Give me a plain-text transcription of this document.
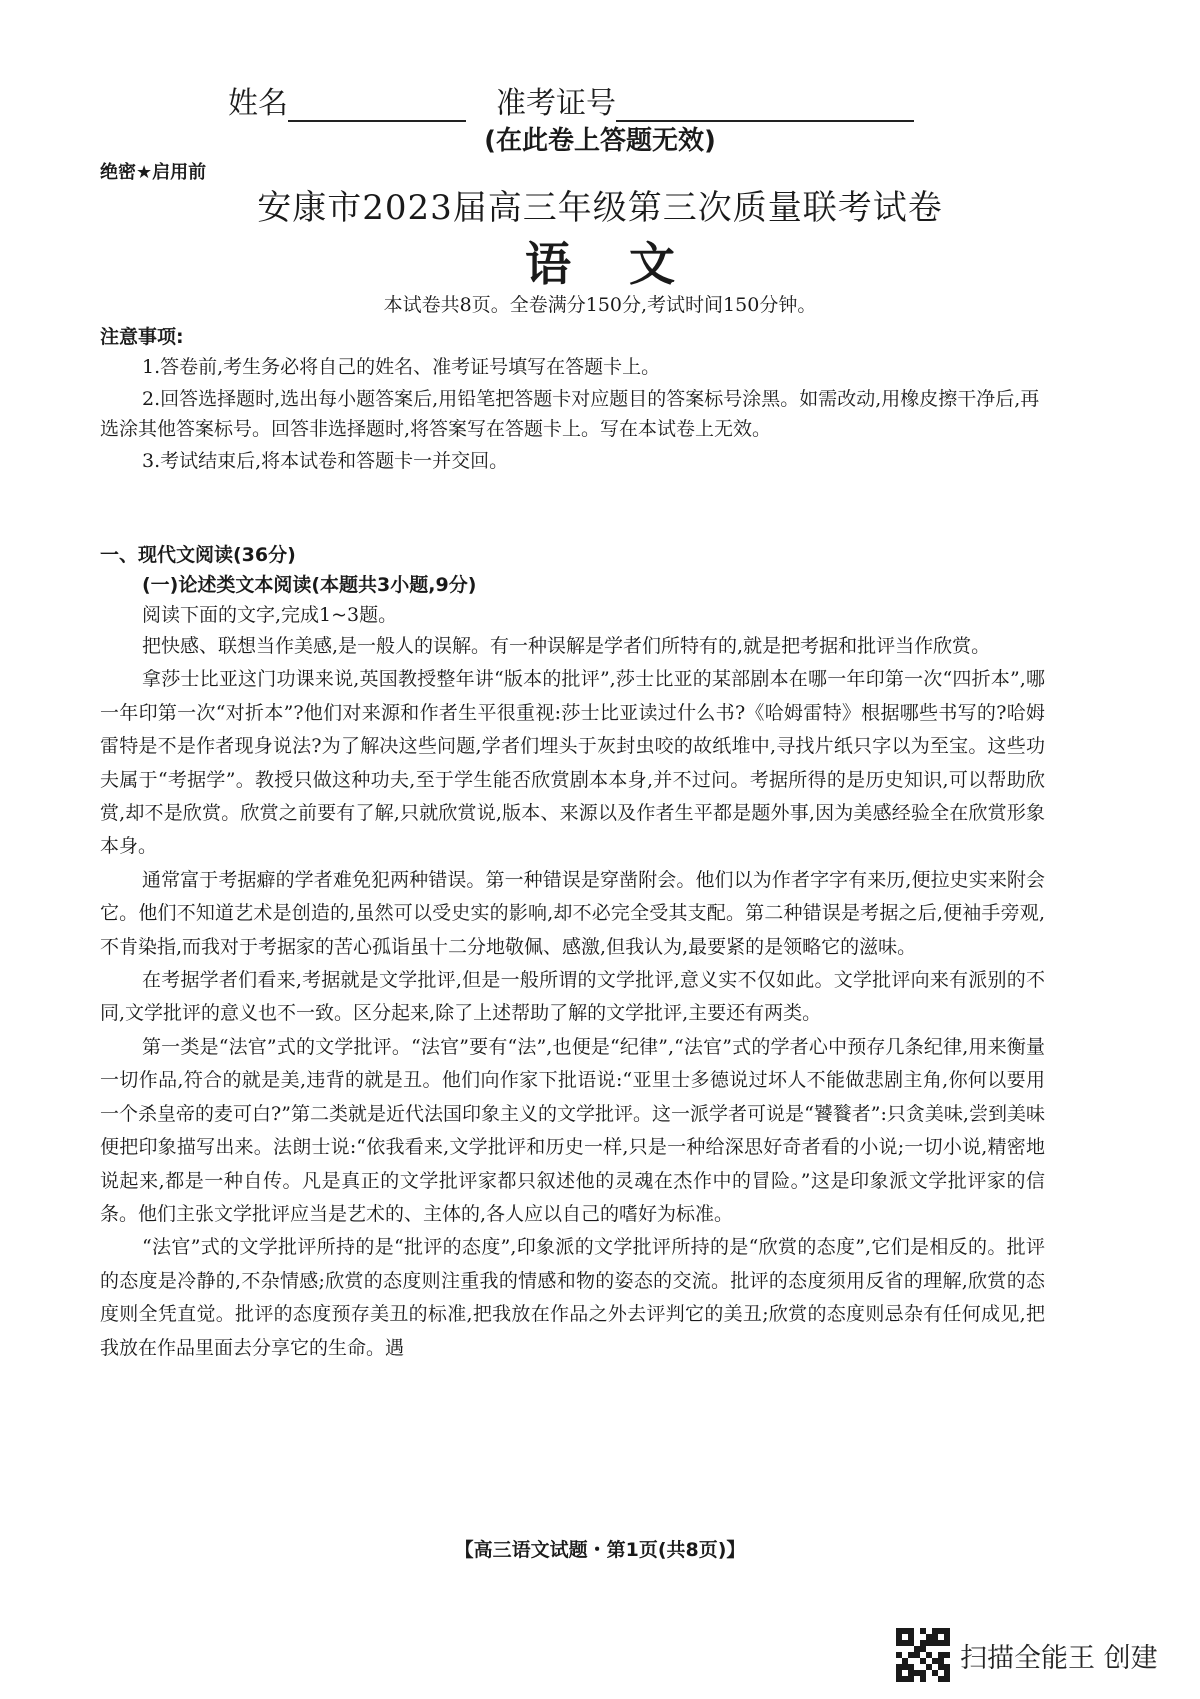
姓名	准考证号
(在此卷上答题无效)
绝密★启用前
安康市2023届高三年级第三次质量联考试卷
语文
本试卷共8页。全卷满分150分,考试时间150分钟。
注意事项:
1.答卷前,考生务必将自己的姓名、准考证号填写在答题卡上。
2.回答选择题时,选出每小题答案后,用铅笔把答题卡对应题目的答案标号涂黑。如需改动,用橡皮擦干净后,再选涂其他答案标号。回答非选择题时,将答案写在答题卡上。写在本试卷上无效。
3.考试结束后,将本试卷和答题卡一并交回。
一、现代文阅读(36分)
(一)论述类文本阅读(本题共3小题,9分)
阅读下面的文字,完成1~3题。

把快感、联想当作美感,是一般人的误解。有一种误解是学者们所特有的,就是把考据和批评当作欣赏。

拿莎士比亚这门功课来说,英国教授整年讲“版本的批评”,莎士比亚的某部剧本在哪一年印第一次“四折本”,哪一年印第一次“对折本”?他们对来源和作者生平很重视:莎士比亚读过什么书?《哈姆雷特》根据哪些书写的?哈姆雷特是不是作者现身说法?为了解决这些问题,学者们埋头于灰封虫咬的故纸堆中,寻找片纸只字以为至宝。这些功夫属于“考据学”。教授只做这种功夫,至于学生能否欣赏剧本本身,并不过问。考据所得的是历史知识,可以帮助欣赏,却不是欣赏。欣赏之前要有了解,只就欣赏说,版本、来源以及作者生平都是题外事,因为美感经验全在欣赏形象本身。

通常富于考据癖的学者难免犯两种错误。第一种错误是穿凿附会。他们以为作者字字有来历,便拉史实来附会它。他们不知道艺术是创造的,虽然可以受史实的影响,却不必完全受其支配。第二种错误是考据之后,便袖手旁观,不肯染指,而我对于考据家的苦心孤诣虽十二分地敬佩、感激,但我认为,最要紧的是领略它的滋味。

在考据学者们看来,考据就是文学批评,但是一般所谓的文学批评,意义实不仅如此。文学批评向来有派别的不同,文学批评的意义也不一致。区分起来,除了上述帮助了解的文学批评,主要还有两类。

第一类是“法官”式的文学批评。“法官”要有“法”,也便是“纪律”,“法官”式的学者心中预存几条纪律,用来衡量一切作品,符合的就是美,违背的就是丑。他们向作家下批语说:“亚里士多德说过坏人不能做悲剧主角,你何以要用一个杀皇帝的麦可白?”第二类就是近代法国印象主义的文学批评。这一派学者可说是“饕餮者”:只贪美味,尝到美味便把印象描写出来。法朗士说:“依我看来,文学批评和历史一样,只是一种给深思好奇者看的小说;一切小说,精密地说起来,都是一种自传。凡是真正的文学批评家都只叙述他的灵魂在杰作中的冒险。”这是印象派文学批评家的信条。他们主张文学批评应当是艺术的、主体的,各人应以自己的嗜好为标准。

“法官”式的文学批评所持的是“批评的态度”,印象派的文学批评所持的是“欣赏的态度”,它们是相反的。批评的态度是冷静的,不杂情感;欣赏的态度则注重我的情感和物的姿态的交流。批评的态度须用反省的理解,欣赏的态度则全凭直觉。批评的态度预存美丑的标准,把我放在作品之外去评判它的美丑;欣赏的态度则忌杂有任何成见,把我放在作品里面去分享它的生命。遇

【高三语文试题・第1页(共8页)】
扫描全能王 创建
